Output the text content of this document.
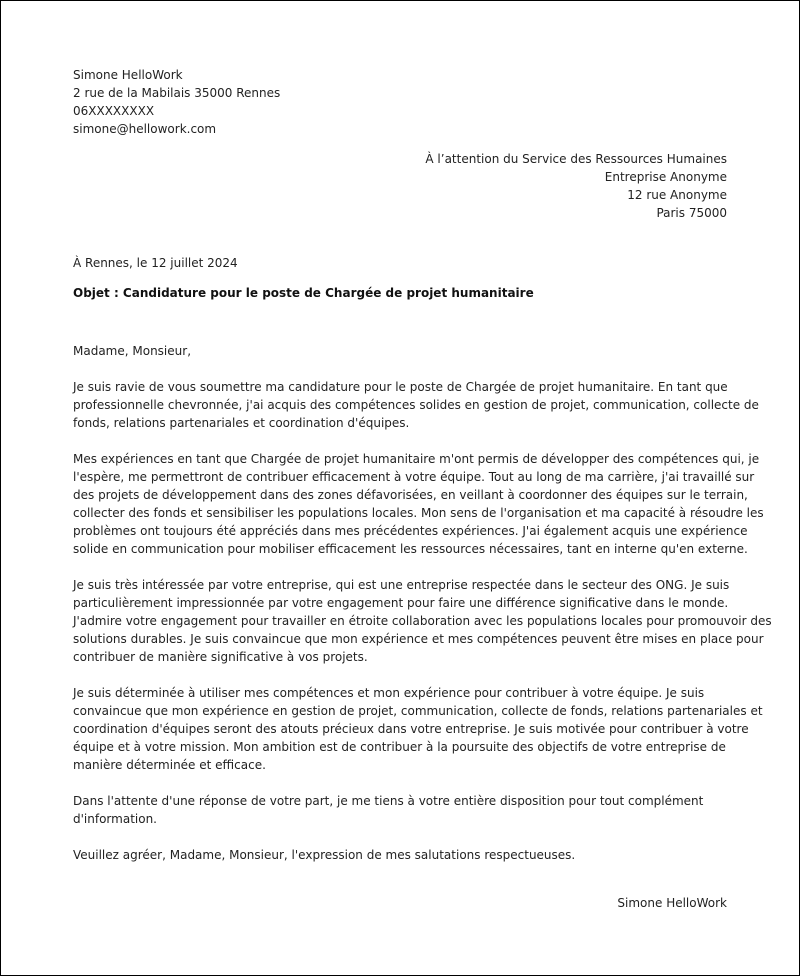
Simone HelloWork
2 rue de la Mabilais 35000 Rennes
06XXXXXXXX
simone@hellowork.com
À l’attention du Service des Ressources Humaines
Entreprise Anonyme
12 rue Anonyme
Paris 75000
À Rennes, le 12 juillet 2024
Objet : Candidature pour le poste de Chargée de projet humanitaire

Madame, Monsieur,

Je suis ravie de vous soumettre ma candidature pour le poste de Chargée de projet humanitaire. En tant que
professionnelle chevronnée, j'ai acquis des compétences solides en gestion de projet, communication, collecte de
fonds, relations partenariales et coordination d'équipes.

Mes expériences en tant que Chargée de projet humanitaire m'ont permis de développer des compétences qui, je
l'espère, me permettront de contribuer efficacement à votre équipe. Tout au long de ma carrière, j'ai travaillé sur
des projets de développement dans des zones défavorisées, en veillant à coordonner des équipes sur le terrain,
collecter des fonds et sensibiliser les populations locales. Mon sens de l'organisation et ma capacité à résoudre les
problèmes ont toujours été appréciés dans mes précédentes expériences. J'ai également acquis une expérience
solide en communication pour mobiliser efficacement les ressources nécessaires, tant en interne qu'en externe.

Je suis très intéressée par votre entreprise, qui est une entreprise respectée dans le secteur des ONG. Je suis
particulièrement impressionnée par votre engagement pour faire une différence significative dans le monde.
J'admire votre engagement pour travailler en étroite collaboration avec les populations locales pour promouvoir des
solutions durables. Je suis convaincue que mon expérience et mes compétences peuvent être mises en place pour
contribuer de manière significative à vos projets.

Je suis déterminée à utiliser mes compétences et mon expérience pour contribuer à votre équipe. Je suis
convaincue que mon expérience en gestion de projet, communication, collecte de fonds, relations partenariales et
coordination d'équipes seront des atouts précieux dans votre entreprise. Je suis motivée pour contribuer à votre
équipe et à votre mission. Mon ambition est de contribuer à la poursuite des objectifs de votre entreprise de
manière déterminée et efficace.

Dans l'attente d'une réponse de votre part, je me tiens à votre entière disposition pour tout complément
d'information.

Veuillez agréer, Madame, Monsieur, l'expression de mes salutations respectueuses.

Simone HelloWork
